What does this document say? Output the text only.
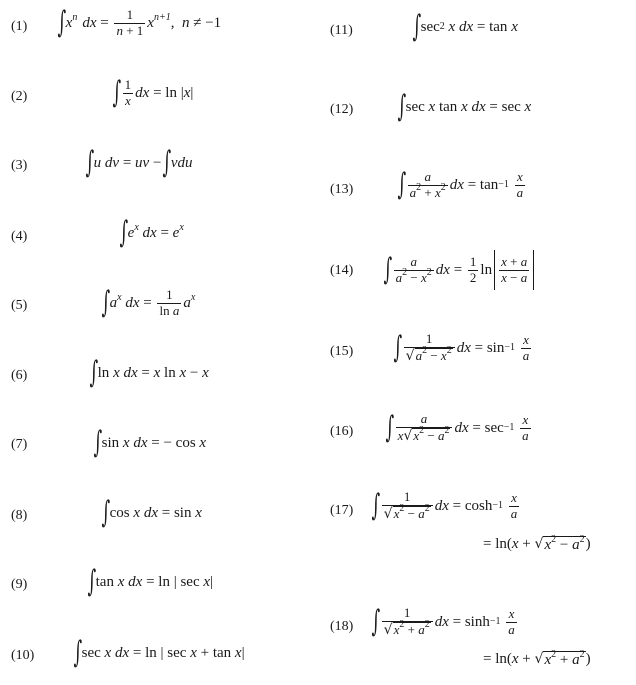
(1) ∫ $x^n$ dx = $\frac{1}{n + 1} x^{n+1}$ , n ≠ −1
(2)	∫ $\frac{1}{x}$ dx = ln | x |
(3) ∫ u
dv = uv −
∫ vdu
(4)	∫ $e^x$
dx = $e^x$
(5) ∫ $a^x$
dx = $\frac{1}{\text{ln a}} a^x$
(6) ∫ ln x
dx = x ln x − x
(7) ∫ sin x
dx = − cos x
(8) ∫ cos x
dx = sin x
(9) ∫ tan x
dx = ln | sec x |
(10) ∫ sec x
dx = ln | sec x + tan x |
(11) ∫ sec 2
x
dx = tan x
(12) ∫ sec x tan x
dx = sec x
(13) ∫ $\frac{a}{a^2 + x^2}$ dx = tan −1
$\frac{x}{a}$
(14) ∫ $\frac{a}{a^2 - x^2}$ dx = $\frac{1}{2}$ $\ln \frac{x + a}{x - a}$
(15) ∫ $\frac{1}{√ a^2 - x^2}$ dx = sin −1
$\frac{x}{a}$
(16) ∫ $\frac{a}{x √ x^2 - a^2}$ dx = sec −1
$\frac{x}{a}$
(17) ∫ $\frac{1}{√ x^2 - a^2}$ dx = cosh −1
$\frac{x}{a}$
= ln(x + √ $x^2 - a^2$ )
(18) ∫ $\frac{1}{√ x^2 + a^2}$ dx = sinh −1
$\frac{x}{a}$
= ln(x + √ $x^2 + a^2$ )
